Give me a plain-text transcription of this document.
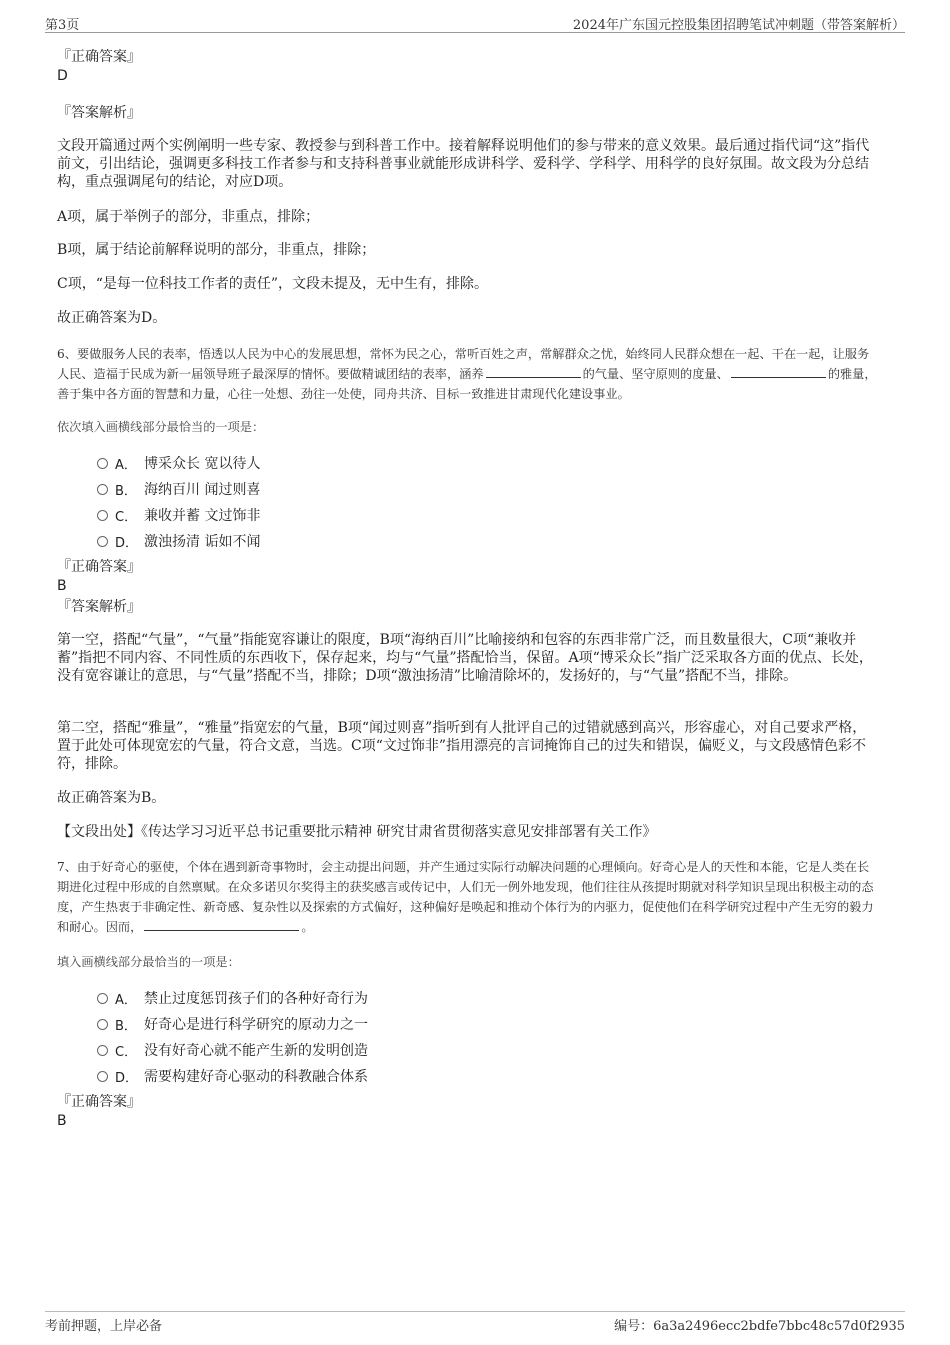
第3页	2024年广东国元控股集团招聘笔试冲刺题（带答案解析）
『正确答案』
D
『答案解析』

文段开篇通过两个实例阐明一些专家、教授参与到科普工作中。接着解释说明他们的参与带来的意义效果。最后通过指代词“这”指代前文，引出结论，强调更多科技工作者参与和支持科普事业就能形成讲科学、爱科学、学科学、用科学的良好氛围。故文段为分总结构，重点强调尾句的结论，对应D项。

A项，属于举例子的部分，非重点，排除；

B项，属于结论前解释说明的部分，非重点，排除；

C项，“是每一位科技工作者的责任”，文段未提及，无中生有，排除。

故正确答案为D。

6、要做服务人民的表率，悟透以人民为中心的发展思想，常怀为民之心，常听百姓之声，常解群众之忧，始终同人民群众想在一起、干在一起，让服务人民、造福于民成为新一届领导班子最深厚的情怀。要做精诚团结的表率，涵养	的气量、坚守原则的度量、	的雅量，善于集中各方面的智慧和力量，心往一处想、劲往一处使，同舟共济、目标一致推进甘肃现代化建设事业。

依次填入画横线部分最恰当的一项是：
A． 博采众长 宽以待人
B． 海纳百川 闻过则喜
C． 兼收并蓄 文过饰非
D． 激浊扬清 诟如不闻
『正确答案』
B
『答案解析』

第一空，搭配“气量”，“气量”指能宽容谦让的限度，B项“海纳百川”比喻接纳和包容的东西非常广泛，而且数量很大，C项“兼收并蓄”指把不同内容、不同性质的东西收下，保存起来，均与“气量”搭配恰当，保留。A项“博采众长”指广泛采取各方面的优点、长处，没有宽容谦让的意思，与“气量”搭配不当，排除；D项“激浊扬清”比喻清除坏的，发扬好的，与“气量”搭配不当，排除。

第二空，搭配“雅量”，“雅量”指宽宏的气量，B项“闻过则喜”指听到有人批评自己的过错就感到高兴，形容虚心，对自己要求严格，置于此处可体现宽宏的气量，符合文意，当选。C项“文过饰非”指用漂亮的言词掩饰自己的过失和错误，偏贬义，与文段感情色彩不符，排除。

故正确答案为B。

【文段出处】《传达学习习近平总书记重要批示精神 研究甘肃省贯彻落实意见安排部署有关工作》

7、由于好奇心的驱使，个体在遇到新奇事物时，会主动提出问题，并产生通过实际行动解决问题的心理倾向。好奇心是人的天性和本能，它是人类在长期进化过程中形成的自然禀赋。在众多诺贝尔奖得主的获奖感言或传记中，人们无一例外地发现，他们往往从孩提时期就对科学知识呈现出积极主动的态度，产生热衷于非确定性、新奇感、复杂性以及探索的方式偏好，这种偏好是唤起和推动个体行为的内驱力，促使他们在科学研究过程中产生无穷的毅力和耐心。因而，	。

填入画横线部分最恰当的一项是：
A． 禁止过度惩罚孩子们的各种好奇行为
B． 好奇心是进行科学研究的原动力之一
C． 没有好奇心就不能产生新的发明创造
D． 需要构建好奇心驱动的科教融合体系
『正确答案』
B
考前押题，上岸必备	编号：6a3a2496ecc2bdfe7bbc48c57d0f2935
